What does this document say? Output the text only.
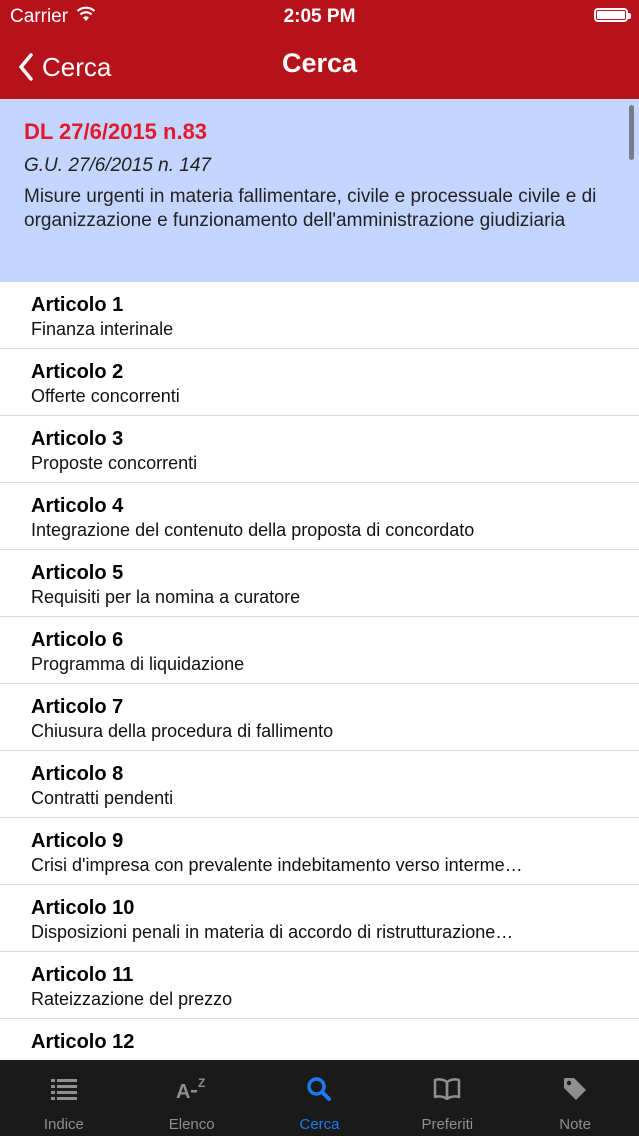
Carrier	2:05 PM
Cerca	Cerca
DL 27/6/2015 n.83
G.U. 27/6/2015 n. 147
Misure urgenti in materia fallimentare, civile e processuale civile e di organizzazione e funzionamento dell'amministrazione giudiziaria
Articolo 1
Finanza interinale
Articolo 2
Offerte concorrenti
Articolo 3
Proposte concorrenti
Articolo 4
Integrazione del contenuto della proposta di concordato
Articolo 5
Requisiti per la nomina a curatore
Articolo 6
Programma di liquidazione
Articolo 7
Chiusura della procedura di fallimento
Articolo 8
Contratti pendenti
Articolo 9
Crisi d'impresa con prevalente indebitamento verso interme…
Articolo 10
Disposizioni penali in materia di accordo di ristrutturazione…
Articolo 11
Rateizzazione del prezzo
Articolo 12
Indice
A Z
Elenco	Cerca	Preferiti	Note
